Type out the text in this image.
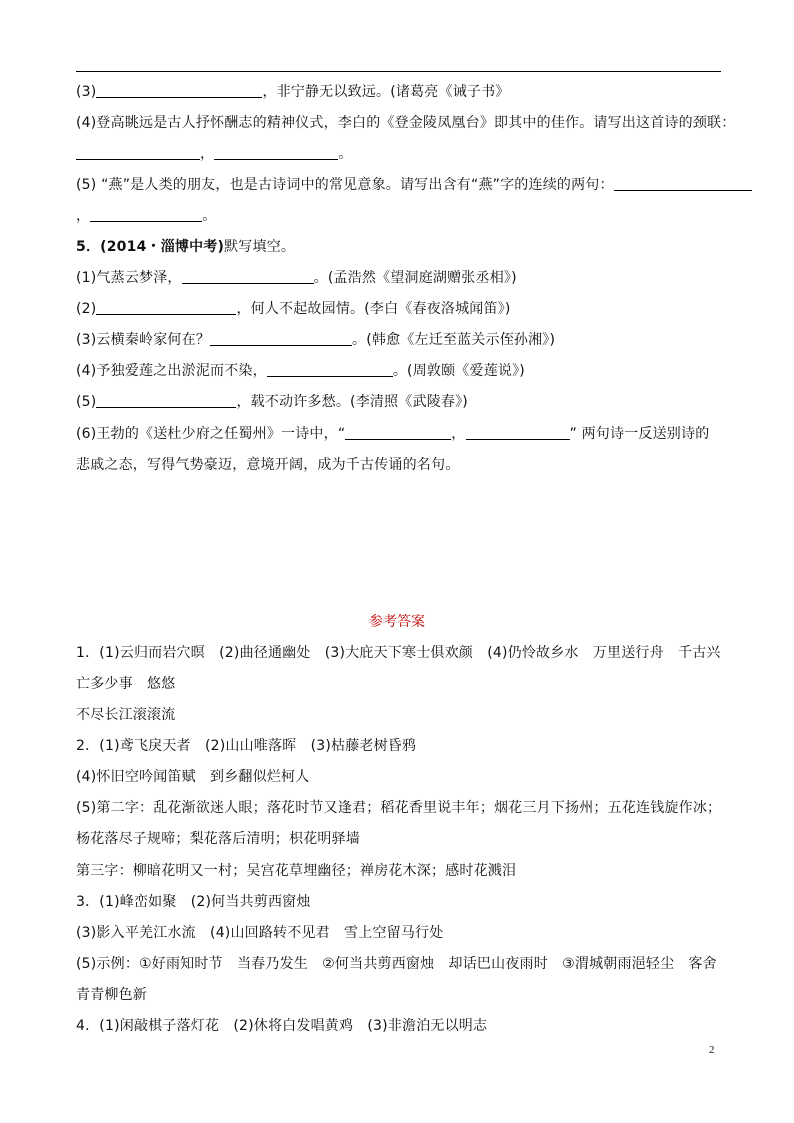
(3)	，非宁静无以致远。(诸葛亮《诫子书》
(4)登高眺远是古人抒怀酬志的精神仪式，李白的《登金陵凤凰台》即其中的佳作。请写出这首诗的颈联：
，	。
(5) “燕”是人类的朋友，也是古诗词中的常见意象。请写出含有“燕”字的连续的两句：
，	。
5．(2014・淄博中考)默写填空。
(1)气蒸云梦泽，	。(孟浩然《望洞庭湖赠张丞相》)
(2)	，何人不起故园情。(李白《春夜洛城闻笛》)
(3)云横秦岭家何在？	。(韩愈《左迁至蓝关示侄孙湘》)
(4)予独爱莲之出淤泥而不染，	。(周敦颐《爱莲说》)
(5)	，载不动许多愁。(李清照《武陵春》)
(6)王勃的《送杜少府之任蜀州》一诗中，“	，	” 两句诗一反送别诗的
悲戚之态，写得气势豪迈，意境开阔，成为千古传诵的名句。
参考答案
1．(1)云归而岩穴暝　(2)曲径通幽处　(3)大庇天下寒士俱欢颜　(4)仍怜故乡水　万里送行舟　千古兴
亡多少事　悠悠
不尽长江滚滚流
2．(1)鸢飞戾天者　(2)山山唯落晖　(3)枯藤老树昏鸦
(4)怀旧空吟闻笛赋　到乡翻似烂柯人
(5)第二字：乱花渐欲迷人眼；落花时节又逢君；稻花香里说丰年；烟花三月下扬州；五花连钱旋作冰；
杨花落尽子规啼；梨花落后清明；枳花明驿墙
第三字：柳暗花明又一村；吴宫花草埋幽径；禅房花木深；感时花溅泪
3．(1)峰峦如聚　(2)何当共剪西窗烛
(3)影入平羌江水流　(4)山回路转不见君　雪上空留马行处
(5)示例：①好雨知时节　当春乃发生　②何当共剪西窗烛　却话巴山夜雨时　③渭城朝雨浥轻尘　客舍
青青柳色新
4．(1)闲敲棋子落灯花　(2)休将白发唱黄鸡　(3)非澹泊无以明志
2
